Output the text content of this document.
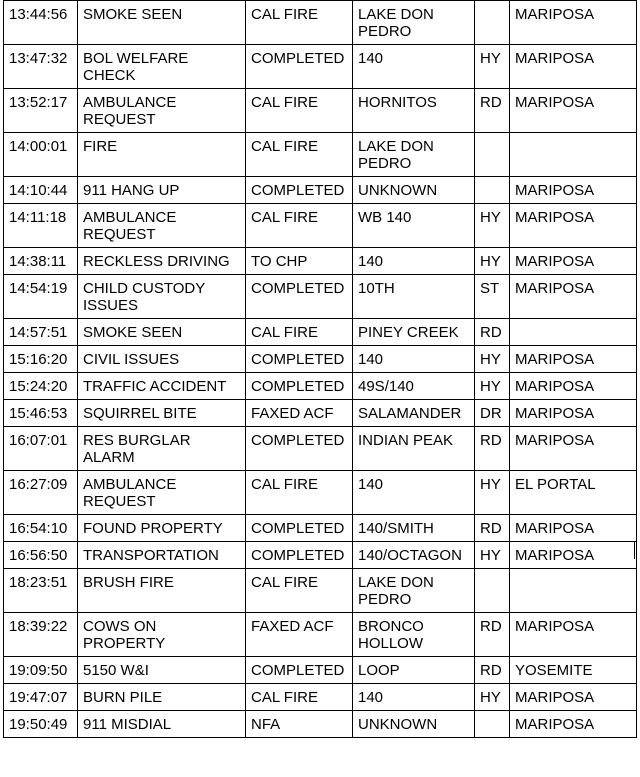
13:44:56	SMOKE SEEN	CAL FIRE	LAKE DON PEDRO		MARIPOSA
13:47:32	BOL WELFARE CHECK	COMPLETED	140	HY	MARIPOSA
13:52:17	AMBULANCE REQUEST	CAL FIRE	HORNITOS	RD	MARIPOSA
14:00:01	FIRE	CAL FIRE	LAKE DON PEDRO		
14:10:44	911 HANG UP	COMPLETED	UNKNOWN		MARIPOSA
14:11:18	AMBULANCE REQUEST	CAL FIRE	WB 140	HY	MARIPOSA
14:38:11	RECKLESS DRIVING	TO CHP	140	HY	MARIPOSA
14:54:19	CHILD CUSTODY ISSUES	COMPLETED	10TH	ST	MARIPOSA
14:57:51	SMOKE SEEN	CAL FIRE	PINEY CREEK	RD	
15:16:20	CIVIL ISSUES	COMPLETED	140	HY	MARIPOSA
15:24:20	TRAFFIC ACCIDENT	COMPLETED	49S/140	HY	MARIPOSA
15:46:53	SQUIRREL BITE	FAXED ACF	SALAMANDER	DR	MARIPOSA
16:07:01	RES BURGLAR ALARM	COMPLETED	INDIAN PEAK	RD	MARIPOSA
16:27:09	AMBULANCE REQUEST	CAL FIRE	140	HY	EL PORTAL
16:54:10	FOUND PROPERTY	COMPLETED	140/SMITH	RD	MARIPOSA
16:56:50	TRANSPORTATION	COMPLETED	140/OCTAGON	HY	MARIPOSA
18:23:51	BRUSH FIRE	CAL FIRE	LAKE DON PEDRO		
18:39:22	COWS ON PROPERTY	FAXED ACF	BRONCO HOLLOW	RD	MARIPOSA
19:09:50	5150 W&I	COMPLETED	LOOP	RD	YOSEMITE
19:47:07	BURN PILE	CAL FIRE	140	HY	MARIPOSA
19:50:49	911 MISDIAL	NFA	UNKNOWN		MARIPOSA
